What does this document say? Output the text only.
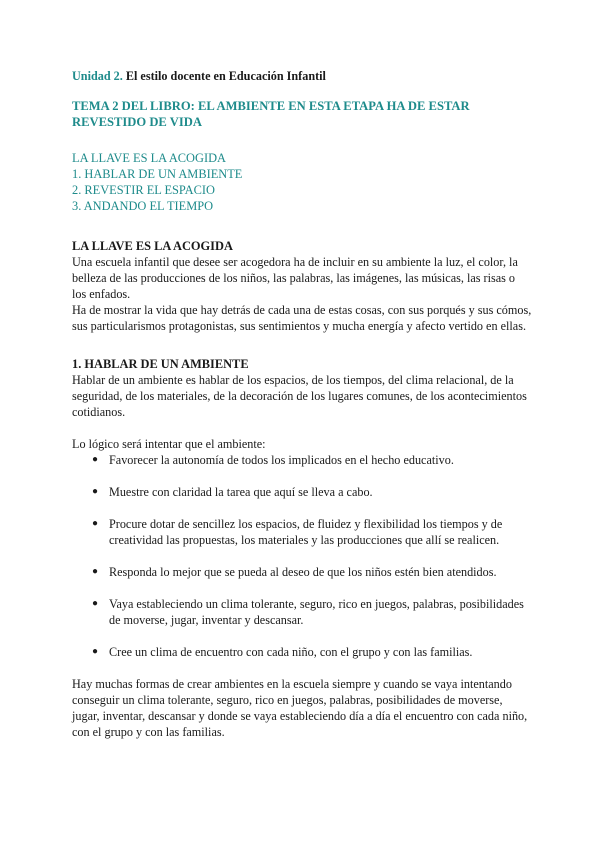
Unidad 2. El estilo docente en Educación Infantil

TEMA 2 DEL LIBRO: EL AMBIENTE EN ESTA ETAPA HA DE ESTAR REVESTIDO DE VIDA

LA LLAVE ES LA ACOGIDA
1. HABLAR DE UN AMBIENTE
2. REVESTIR EL ESPACIO
3. ANDANDO EL TIEMPO
LA LLAVE ES LA ACOGIDA

Una escuela infantil que desee ser acogedora ha de incluir en su ambiente la luz, el color, la belleza de las producciones de los niños, las palabras, las imágenes, las músicas, las risas o los enfados.

Ha de mostrar la vida que hay detrás de cada una de estas cosas, con sus porqués y sus cómos, sus particularismos protagonistas, sus sentimientos y mucha energía y afecto vertido en ellas.

1. HABLAR DE UN AMBIENTE

Hablar de un ambiente es hablar de los espacios, de los tiempos, del clima relacional, de la seguridad, de los materiales, de la decoración de los lugares comunes, de los acontecimientos cotidianos.

Lo lógico será intentar que el ambiente:

● Favorecer la autonomía de todos los implicados en el hecho educativo.
● Muestre con claridad la tarea que aquí se lleva a cabo.
● Procure dotar de sencillez los espacios, de fluidez y flexibilidad los tiempos y de creatividad las propuestas, los materiales y las producciones que allí se realicen.
● Responda lo mejor que se pueda al deseo de que los niños estén bien atendidos.
● Vaya estableciendo un clima tolerante, seguro, rico en juegos, palabras, posibilidades de moverse, jugar, inventar y descansar.
● Cree un clima de encuentro con cada niño, con el grupo y con las familias.

Hay muchas formas de crear ambientes en la escuela siempre y cuando se vaya intentando conseguir un clima tolerante, seguro, rico en juegos, palabras, posibilidades de moverse, jugar, inventar, descansar y donde se vaya estableciendo día a día el encuentro con cada niño, con el grupo y con las familias.
